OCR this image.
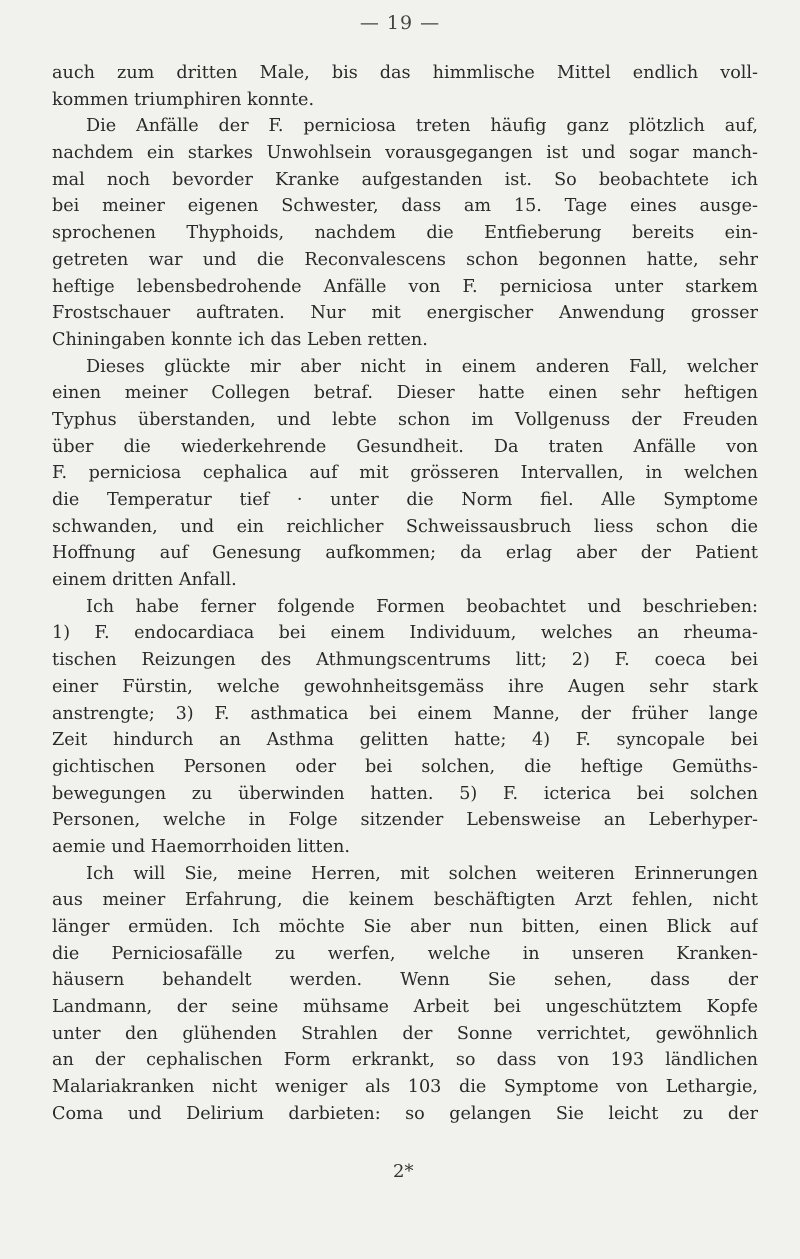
— 19 —
auch zum dritten Male, bis das himmlische Mittel endlich voll-
kommen triumphiren konnte.
Die Anfälle der F. perniciosa treten häufig ganz plötzlich auf,
nachdem ein starkes Unwohlsein vorausgegangen ist und sogar manch-
mal noch bevorder Kranke aufgestanden ist. So beobachtete ich
bei meiner eigenen Schwester, dass am 15. Tage eines ausge-
sprochenen Thyphoids, nachdem die Entfieberung bereits ein-
getreten war und die Reconvalescens schon begonnen hatte, sehr
heftige lebensbedrohende Anfälle von F. perniciosa unter starkem
Frostschauer auftraten. Nur mit energischer Anwendung grosser
Chiningaben konnte ich das Leben retten.
Dieses glückte mir aber nicht in einem anderen Fall, welcher
einen meiner Collegen betraf. Dieser hatte einen sehr heftigen
Typhus überstanden, und lebte schon im Vollgenuss der Freuden
über die wiederkehrende Gesundheit. Da traten Anfälle von
F. perniciosa cephalica auf mit grösseren Intervallen, in welchen
die Temperatur tief · unter die Norm fiel. Alle Symptome
schwanden, und ein reichlicher Schweissausbruch liess schon die
Hoffnung auf Genesung aufkommen; da erlag aber der Patient
einem dritten Anfall.
Ich habe ferner folgende Formen beobachtet und beschrieben:
1) F. endocardiaca bei einem Individuum, welches an rheuma-
tischen Reizungen des Athmungscentrums litt; 2) F. coeca bei
einer Fürstin, welche gewohnheitsgemäss ihre Augen sehr stark
anstrengte; 3) F. asthmatica bei einem Manne, der früher lange
Zeit hindurch an Asthma gelitten hatte; 4) F. syncopale bei
gichtischen Personen oder bei solchen, die heftige Gemüths-
bewegungen zu überwinden hatten. 5) F. icterica bei solchen
Personen, welche in Folge sitzender Lebensweise an Leberhyper-
aemie und Haemorrhoiden litten.
Ich will Sie, meine Herren, mit solchen weiteren Erinnerungen
aus meiner Erfahrung, die keinem beschäftigten Arzt fehlen, nicht
länger ermüden. Ich möchte Sie aber nun bitten, einen Blick auf
die Perniciosafälle zu werfen, welche in unseren Kranken-
häusern behandelt werden. Wenn Sie sehen, dass der
Landmann, der seine mühsame Arbeit bei ungeschütztem Kopfe
unter den glühenden Strahlen der Sonne verrichtet, gewöhnlich
an der cephalischen Form erkrankt, so dass von 193 ländlichen
Malariakranken nicht weniger als 103 die Symptome von Lethargie,
Coma und Delirium darbieten: so gelangen Sie leicht zu der
2*
